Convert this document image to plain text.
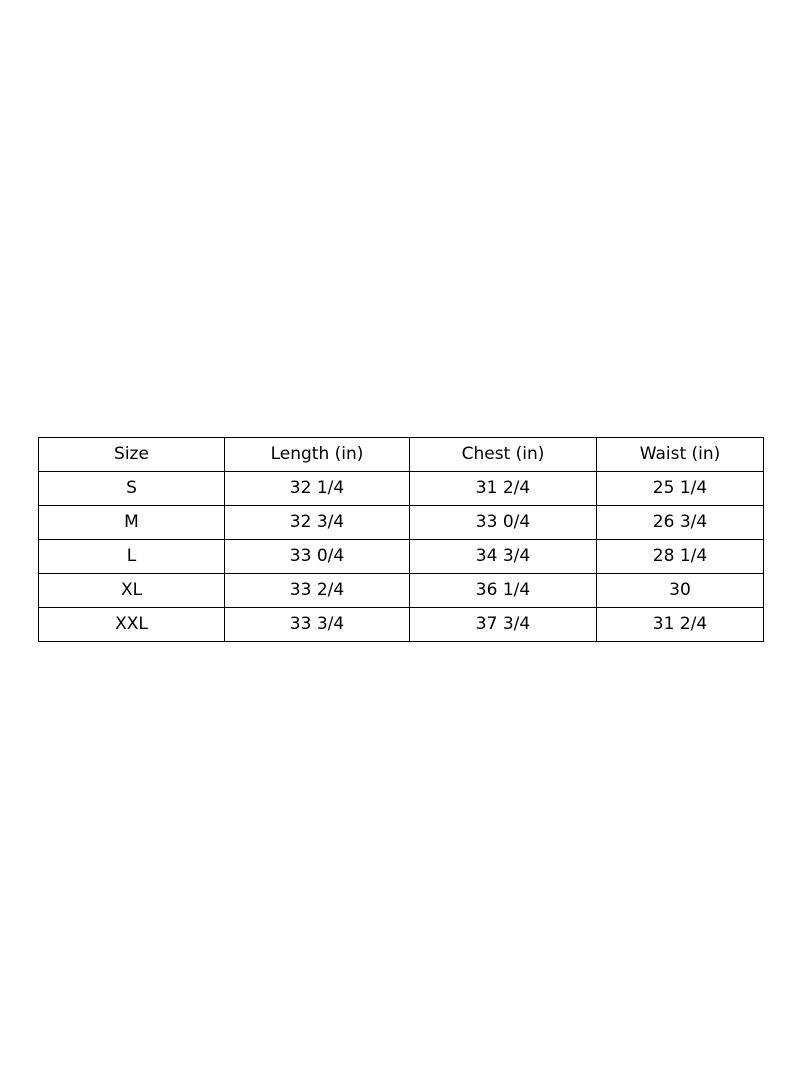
Size	Length (in)	Chest (in)	Waist (in)
S	32 1/4	31 2/4	25 1/4
M	32 3/4	33 0/4	26 3/4
L	33 0/4	34 3/4	28 1/4
XL	33 2/4	36 1/4	30
XXL	33 3/4	37 3/4	31 2/4
